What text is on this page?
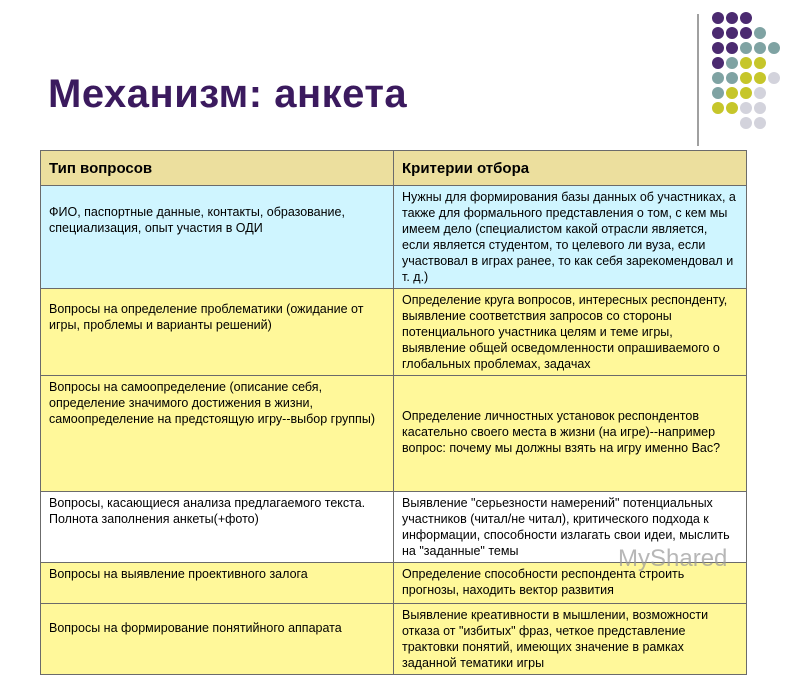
Механизм: анкета
Тип вопросов	Критерии отбора
ФИО, паспортные данные, контакты, образование, специализация, опыт участия в ОДИ	Нужны для формирования базы данных об участниках, а также для формального представления о том, с кем мы имеем дело (специалистом какой отрасли является, если является студентом, то целевого ли вуза, если участвовал в играх ранее, то как себя зарекомендовал и т. д.)
Вопросы на определение проблематики (ожидание от игры, проблемы и варианты решений)	Определение круга вопросов, интересных респонденту, выявление соответствия запросов со стороны потенциального участника целям и теме игры, выявление общей осведомленности опрашиваемого о глобальных проблемах, задачах
Вопросы на самоопределение (описание себя, определение значимого достижения в жизни, самоопределение на предстоящую игру--выбор группы)	Определение личностных установок респондентов касательно своего места в жизни (на игре)--например вопрос: почему мы должны взять на игру именно Вас?
Вопросы, касающиеся анализа предлагаемого текста. Полнота заполнения анкеты(+фото)	Выявление "серьезности намерений" потенциальных участников (читал/не читал), критического подхода к информации, способности излагать свои идеи, мыслить на "заданные" темы
Вопросы на выявление проективного залога	Определение способности респондента строить прогнозы, находить вектор развития
Вопросы на формирование понятийного аппарата	Выявление креативности в мышлении, возможности отказа от "избитых" фраз, четкое представление трактовки понятий, имеющих значение в рамках заданной тематики игры
MyShared
